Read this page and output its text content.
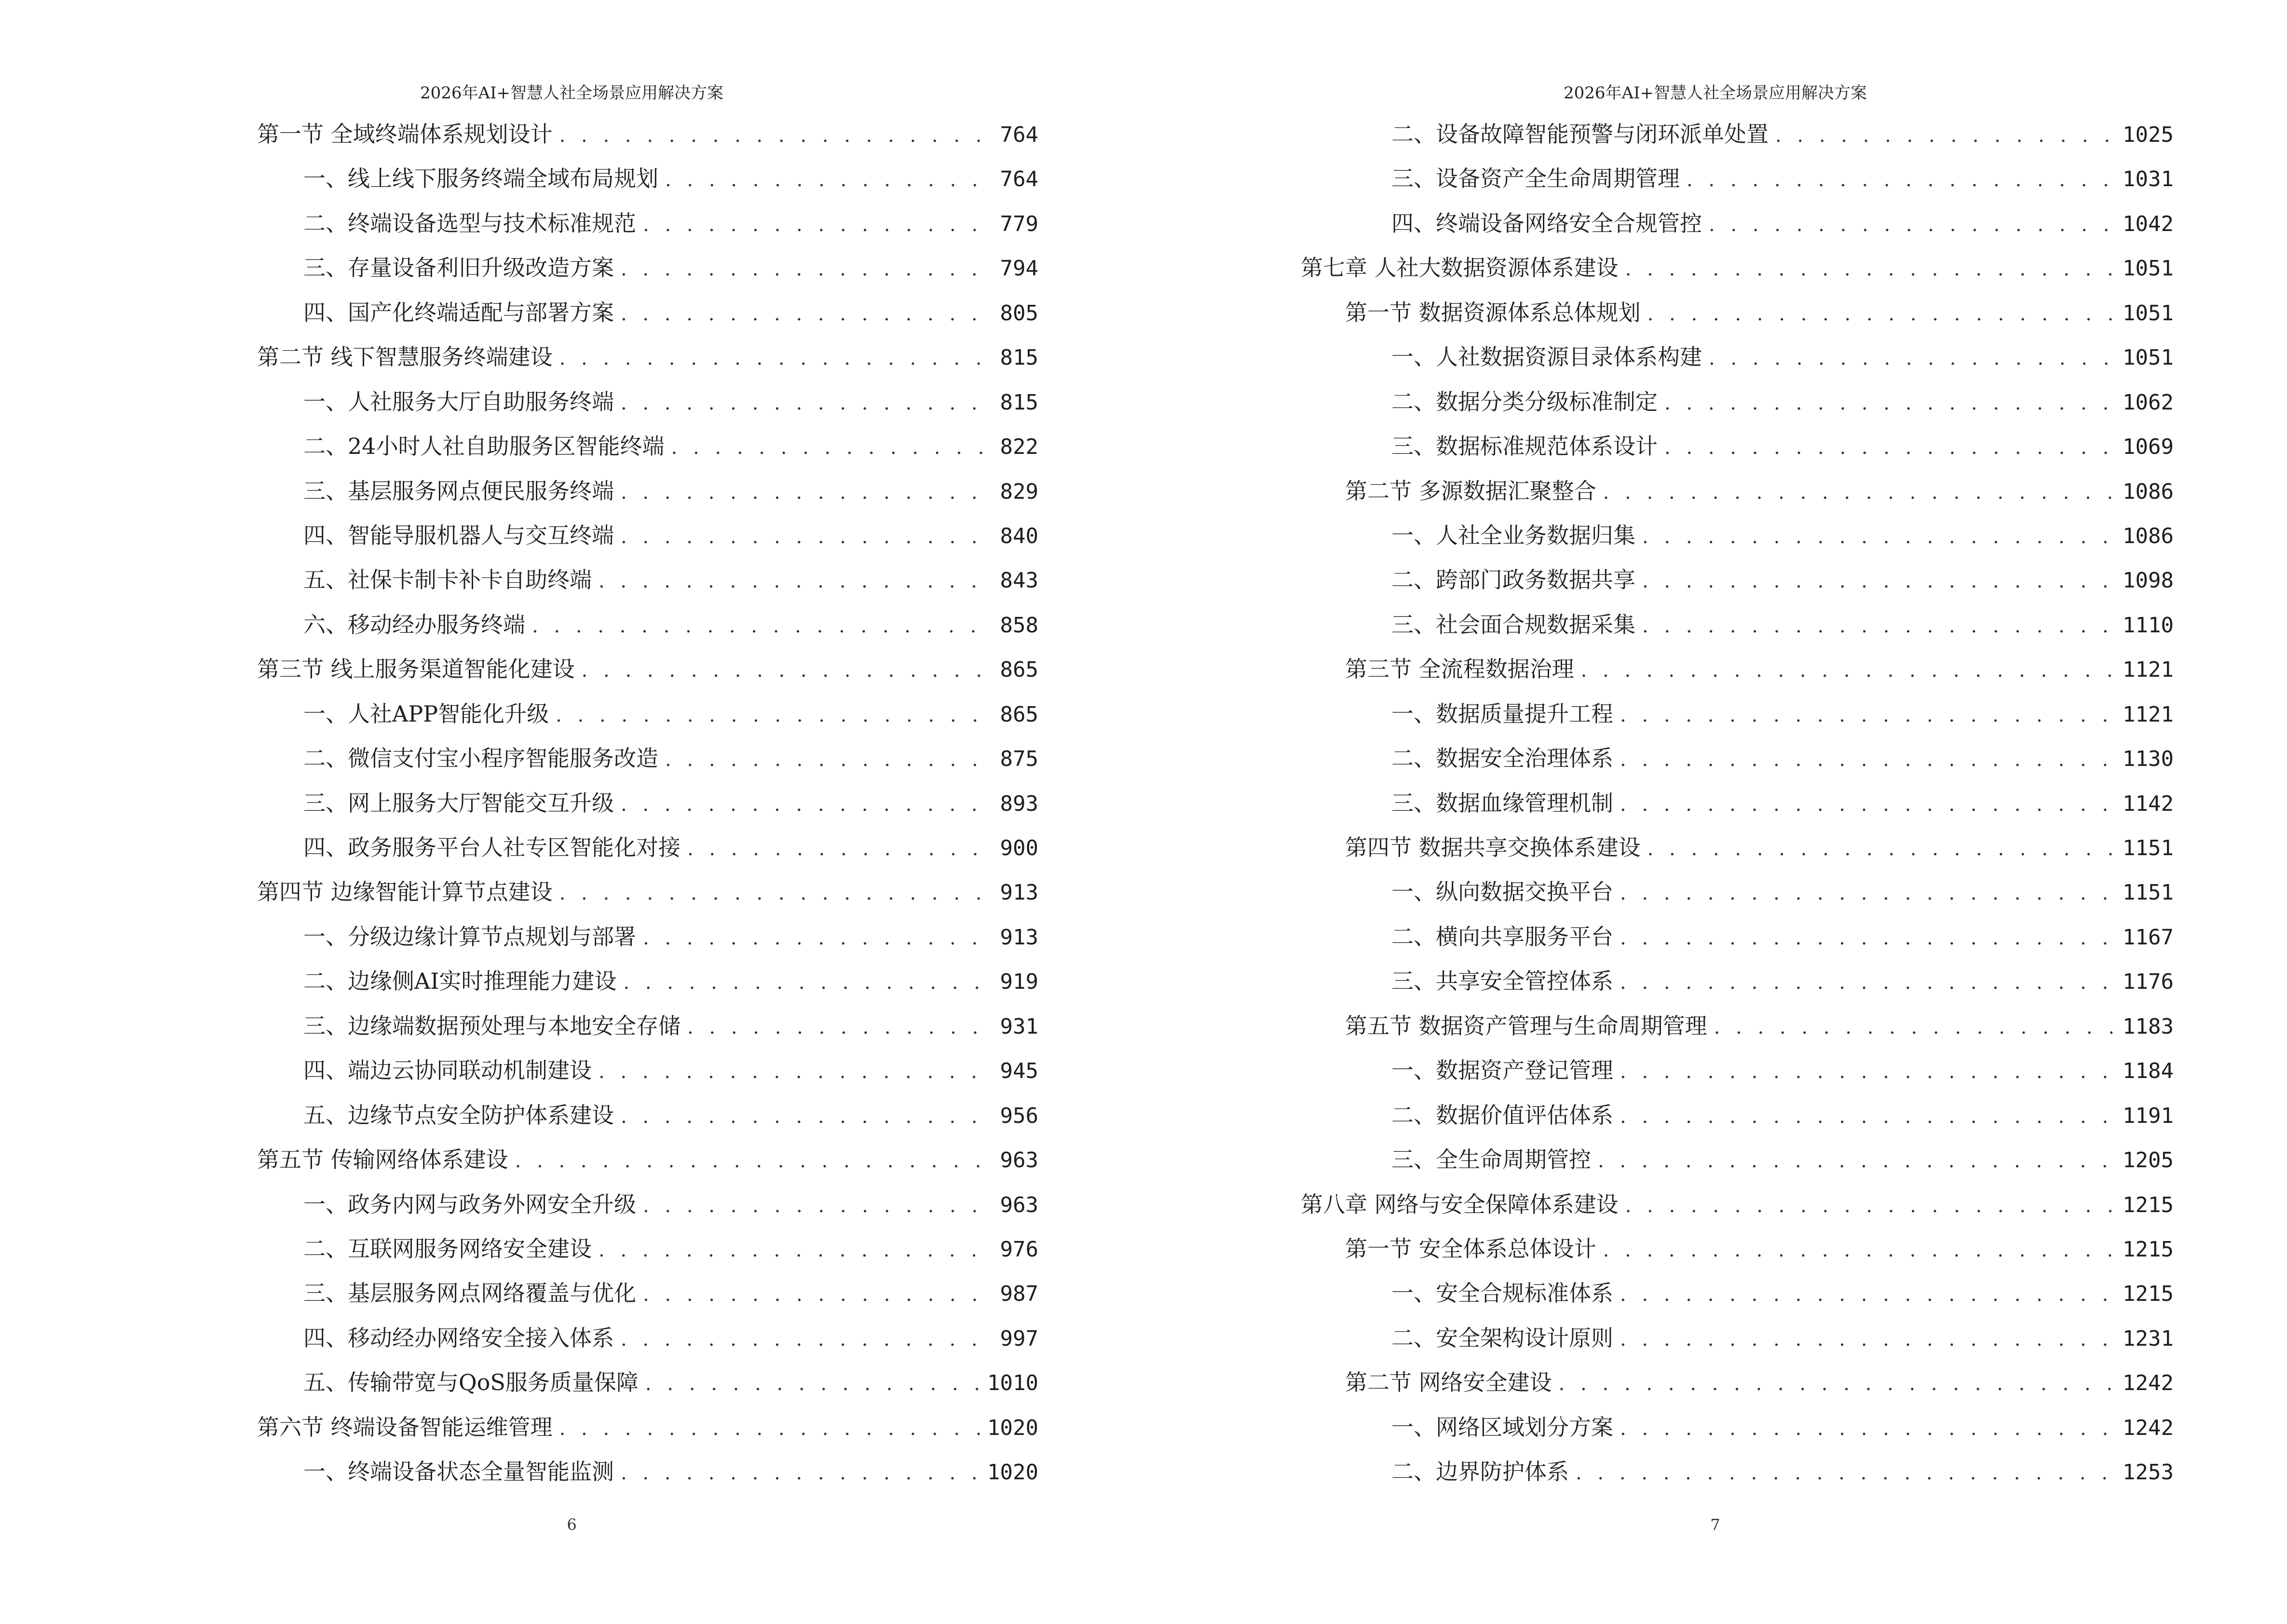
2026年AI+智慧人社全场景应用解决方案
第一节 全域终端体系规划设计 . . .	764
一、线上线下服务终端全域布局规划 . . .	764
二、终端设备选型与技术标准规范 . . .	779
三、存量设备利旧升级改造方案 . . .	794
四、国产化终端适配与部署方案 . . .	805
第二节 线下智慧服务终端建设 . . .	815
一、人社服务大厅自助服务终端 . . .	815
二、24小时人社自助服务区智能终端 . . .	822
三、基层服务网点便民服务终端 . . .	829
四、智能导服机器人与交互终端 . . .	840
五、社保卡制卡补卡自助终端 . . .	843
六、移动经办服务终端 . . .	858
第三节 线上服务渠道智能化建设 . . .	865
一、人社APP智能化升级 . . .	865
二、微信支付宝小程序智能服务改造 . . .	875
三、网上服务大厅智能交互升级 . . .	893
四、政务服务平台人社专区智能化对接 . . .	900
第四节 边缘智能计算节点建设 . . .	913
一、分级边缘计算节点规划与部署 . . .	913
二、边缘侧AI实时推理能力建设 . . .	919
三、边缘端数据预处理与本地安全存储 . . .	931
四、端边云协同联动机制建设 . . .	945
五、边缘节点安全防护体系建设 . . .	956
第五节 传输网络体系建设 . . .	963
一、政务内网与政务外网安全升级 . . .	963
二、互联网服务网络安全建设 . . .	976
三、基层服务网点网络覆盖与优化 . . .	987
四、移动经办网络安全接入体系 . . .	997
五、传输带宽与QoS服务质量保障 . . .	1010
第六节 终端设备智能运维管理 . . .	1020
一、终端设备状态全量智能监测 . . .	1020
6
2026年AI+智慧人社全场景应用解决方案
二、设备故障智能预警与闭环派单处置 . . .	1025
三、设备资产全生命周期管理 . . .	1031
四、终端设备网络安全合规管控 . . .	1042
第七章 人社大数据资源体系建设 . . .	1051
第一节 数据资源体系总体规划 . . .	1051
一、人社数据资源目录体系构建 . . .	1051
二、数据分类分级标准制定 . . .	1062
三、数据标准规范体系设计 . . .	1069
第二节 多源数据汇聚整合 . . .	1086
一、人社全业务数据归集 . . .	1086
二、跨部门政务数据共享 . . .	1098
三、社会面合规数据采集 . . .	1110
第三节 全流程数据治理 . . .	1121
一、数据质量提升工程 . . .	1121
二、数据安全治理体系 . . .	1130
三、数据血缘管理机制 . . .	1142
第四节 数据共享交换体系建设 . . .	1151
一、纵向数据交换平台 . . .	1151
二、横向共享服务平台 . . .	1167
三、共享安全管控体系 . . .	1176
第五节 数据资产管理与生命周期管理 . . .	1183
一、数据资产登记管理 . . .	1184
二、数据价值评估体系 . . .	1191
三、全生命周期管控 . . .	1205
第八章 网络与安全保障体系建设 . . .	1215
第一节 安全体系总体设计 . . .	1215
一、安全合规标准体系 . . .	1215
二、安全架构设计原则 . . .	1231
第二节 网络安全建设 . . .	1242
一、网络区域划分方案 . . .	1242
二、边界防护体系 . . .	1253
7
